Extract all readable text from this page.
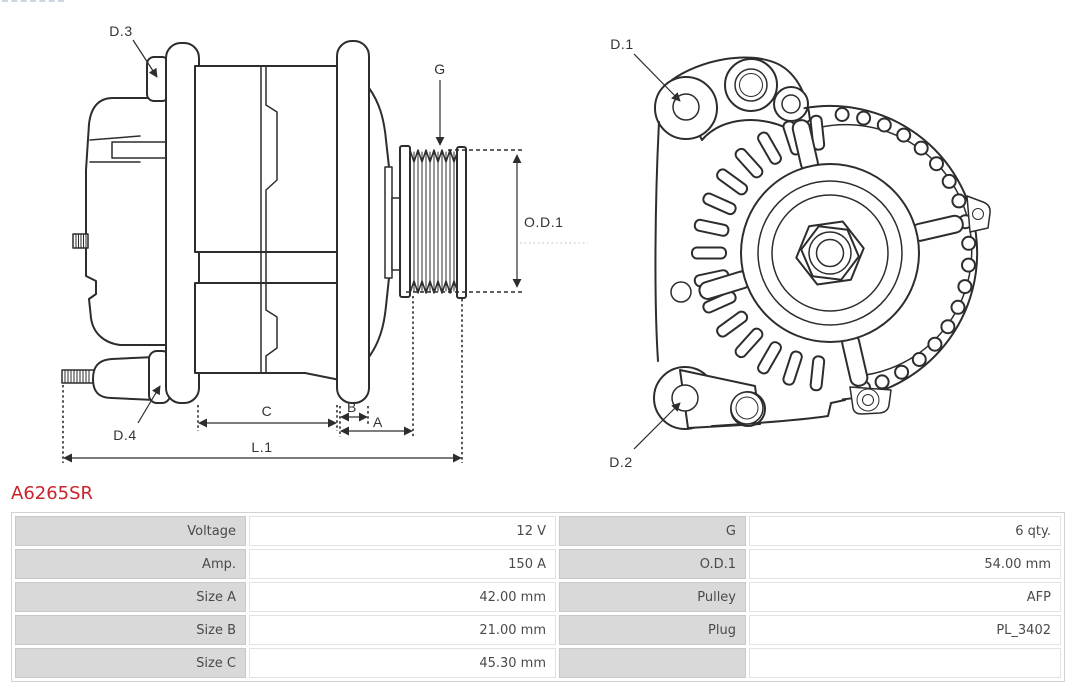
D.3
G
O.D.1
D.4
C	B
A
L.1
D.1
D.2
A6265SR
Voltage	12 V	G	6 qty.
Amp.	150 A	O.D.1	54.00 mm
Size A	42.00 mm	Pulley	AFP
Size B	21.00 mm	Plug	PL_3402
Size C	45.30 mm		
